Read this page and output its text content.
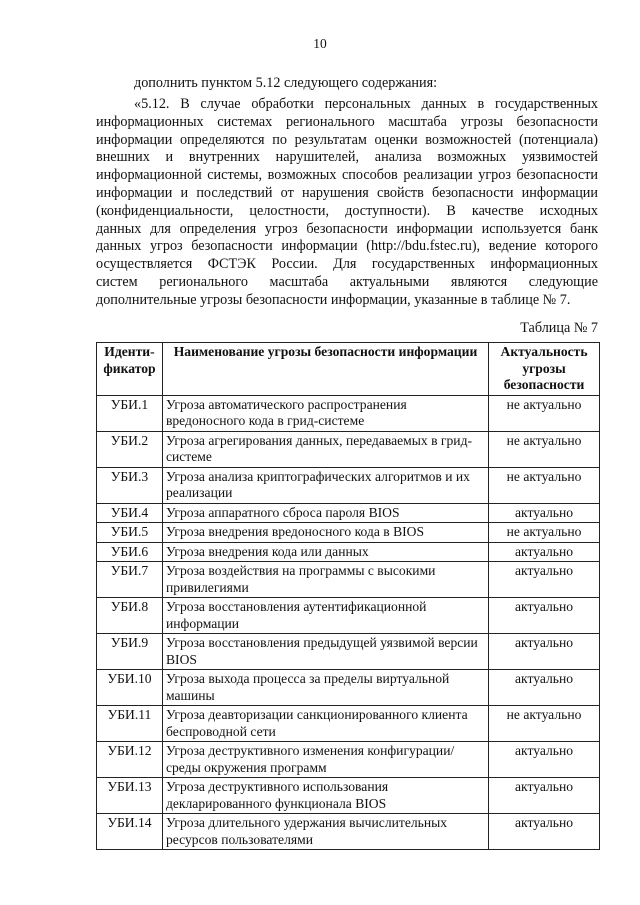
10
дополнить пунктом 5.12 следующего содержания:
«5.12. В случае обработки персональных данных в государственных
информационных системах регионального масштаба угрозы безопасности
информации определяются по результатам оценки возможностей (потенциала)
внешних и внутренних нарушителей, анализа возможных уязвимостей
информационной системы, возможных способов реализации угроз безопасности
информации и последствий от нарушения свойств безопасности информации
(конфиденциальности, целостности, доступности). В качестве исходных
данных для определения угроз безопасности информации используется банк
данных угроз безопасности информации (http://bdu.fstec.ru), ведение которого
осуществляется ФСТЭК России. Для государственных информационных
систем регионального масштаба актуальными являются следующие
дополнительные угрозы безопасности информации, указанные в таблице № 7.
Таблица № 7
Иденти-фикатор	Наименование угрозы безопасности информации	Актуальность угрозы безопасности
УБИ.1	Угроза автоматического распространения вредоносного кода в грид-системе	не актуально
УБИ.2	Угроза агрегирования данных, передаваемых в грид-системе	не актуально
УБИ.3	Угроза анализа криптографических алгоритмов и их реализации	не актуально
УБИ.4	Угроза аппаратного сброса пароля BIOS	актуально
УБИ.5	Угроза внедрения вредоносного кода в BIOS	не актуально
УБИ.6	Угроза внедрения кода или данных	актуально
УБИ.7	Угроза воздействия на программы с высокими привилегиями	актуально
УБИ.8	Угроза восстановления аутентификационной информации	актуально
УБИ.9	Угроза восстановления предыдущей уязвимой версии BIOS	актуально
УБИ.10	Угроза выхода процесса за пределы виртуальной машины	актуально
УБИ.11	Угроза деавторизации санкционированного клиента беспроводной сети	не актуально
УБИ.12	Угроза деструктивного изменения конфигурации/среды окружения программ	актуально
УБИ.13	Угроза деструктивного использования декларированного функционала BIOS	актуально
УБИ.14	Угроза длительного удержания вычислительных ресурсов пользователями	актуально
